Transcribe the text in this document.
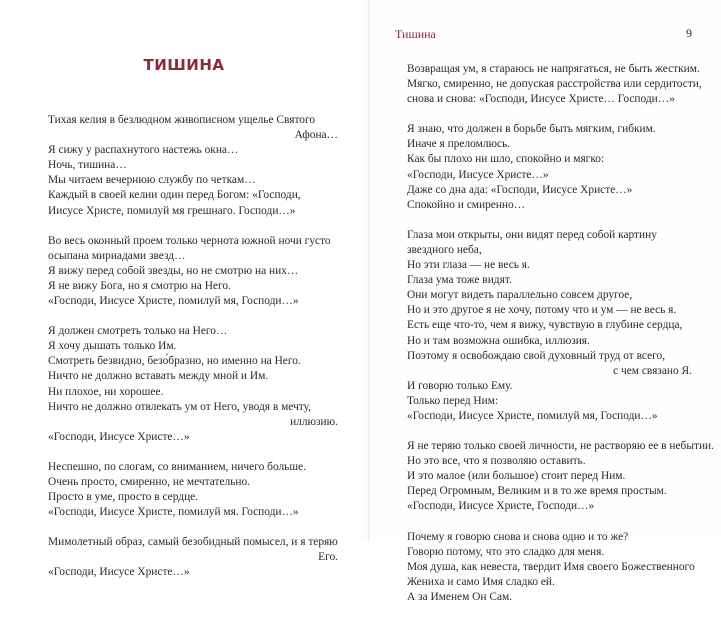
ТИШИНА
Тихая келия в безлюдном живописном ущелье Святого
Афона…
Я сижу у распахнутого настежь окна…
Ночь, тишина…
Мы читаем вечернюю службу по четкам…
Каждый в своей келии один перед Богом: «Господи,
Иисусе Христе, помилуй мя грешнаго. Господи…»
Во весь оконный проем только чернота южной ночи густо
осыпана мириадами звезд…
Я вижу перед собой звезды, но не смотрю на них…
Я не вижу Бога, но я смотрю на Него.
«Господи, Иисусе Христе, помилуй мя, Господи…»
Я должен смотреть только на Него…
Я хочу дышать только Им.
Смотреть безвидно, безо́бразно, но именно на Него.
Ничто не должно вставать между мной и Им.
Ни плохое, ни хорошее.
Ничто не должно отвлекать ум от Него, уводя в мечту,
иллюзию.
«Господи, Иисусе Христе…»
Неспешно, по слогам, со вниманием, ничего больше.
Очень просто, смиренно, не мечтательно.
Просто в уме, просто в сердце.
«Господи, Иисусе Христе, помилуй мя. Господи…»
Мимолетный образ, самый безобидный помысел, и я теряю
Его.
«Господи, Иисусе Христе…»
Тишина	9
Возвращая ум, я стараюсь не напрягаться, не быть жестким.
Мягко, смиренно, не допуская расстройства или сердитости,
снова и снова: «Господи, Иисусе Христе… Господи…»
Я знаю, что должен в борьбе быть мягким, гибким.
Иначе я преломлюсь.
Как бы плохо ни шло, спокойно и мягко:
«Господи, Иисусе Христе…»
Даже со дна ада: «Господи, Иисусе Христе…»
Спокойно и смиренно…
Глаза мои открыты, они видят перед собой картину
звездного неба,
Но эти глаза — не весь я.
Глаза ума тоже видят.
Они могут видеть параллельно совсем другое,
Но и это другое я не хочу, потому что и ум — не весь я.
Есть еще что-то, чем я вижу, чувствую в глубине сердца,
Но и там возможна ошибка, иллюзия.
Поэтому я освобождаю свой духовный труд от всего,
с чем связано Я.
И говорю только Ему.
Только перед Ним:
«Господи, Иисусе Христе, помилуй мя, Господи…»
Я не теряю только своей личности, не растворяю ее в небытии.
Но это все, что я позволяю оставить.
И это малое (или большое) стоит перед Ним.
Перед Огромным, Великим и в то же время простым.
«Господи, Иисусе Христе, Господи…»
Почему я говорю снова и снова одно и то же?
Говорю потому, что это сладко для меня.
Моя душа, как невеста, твердит Имя своего Божественного
Жениха и само Имя сладко ей.
А за Именем Он Сам.
